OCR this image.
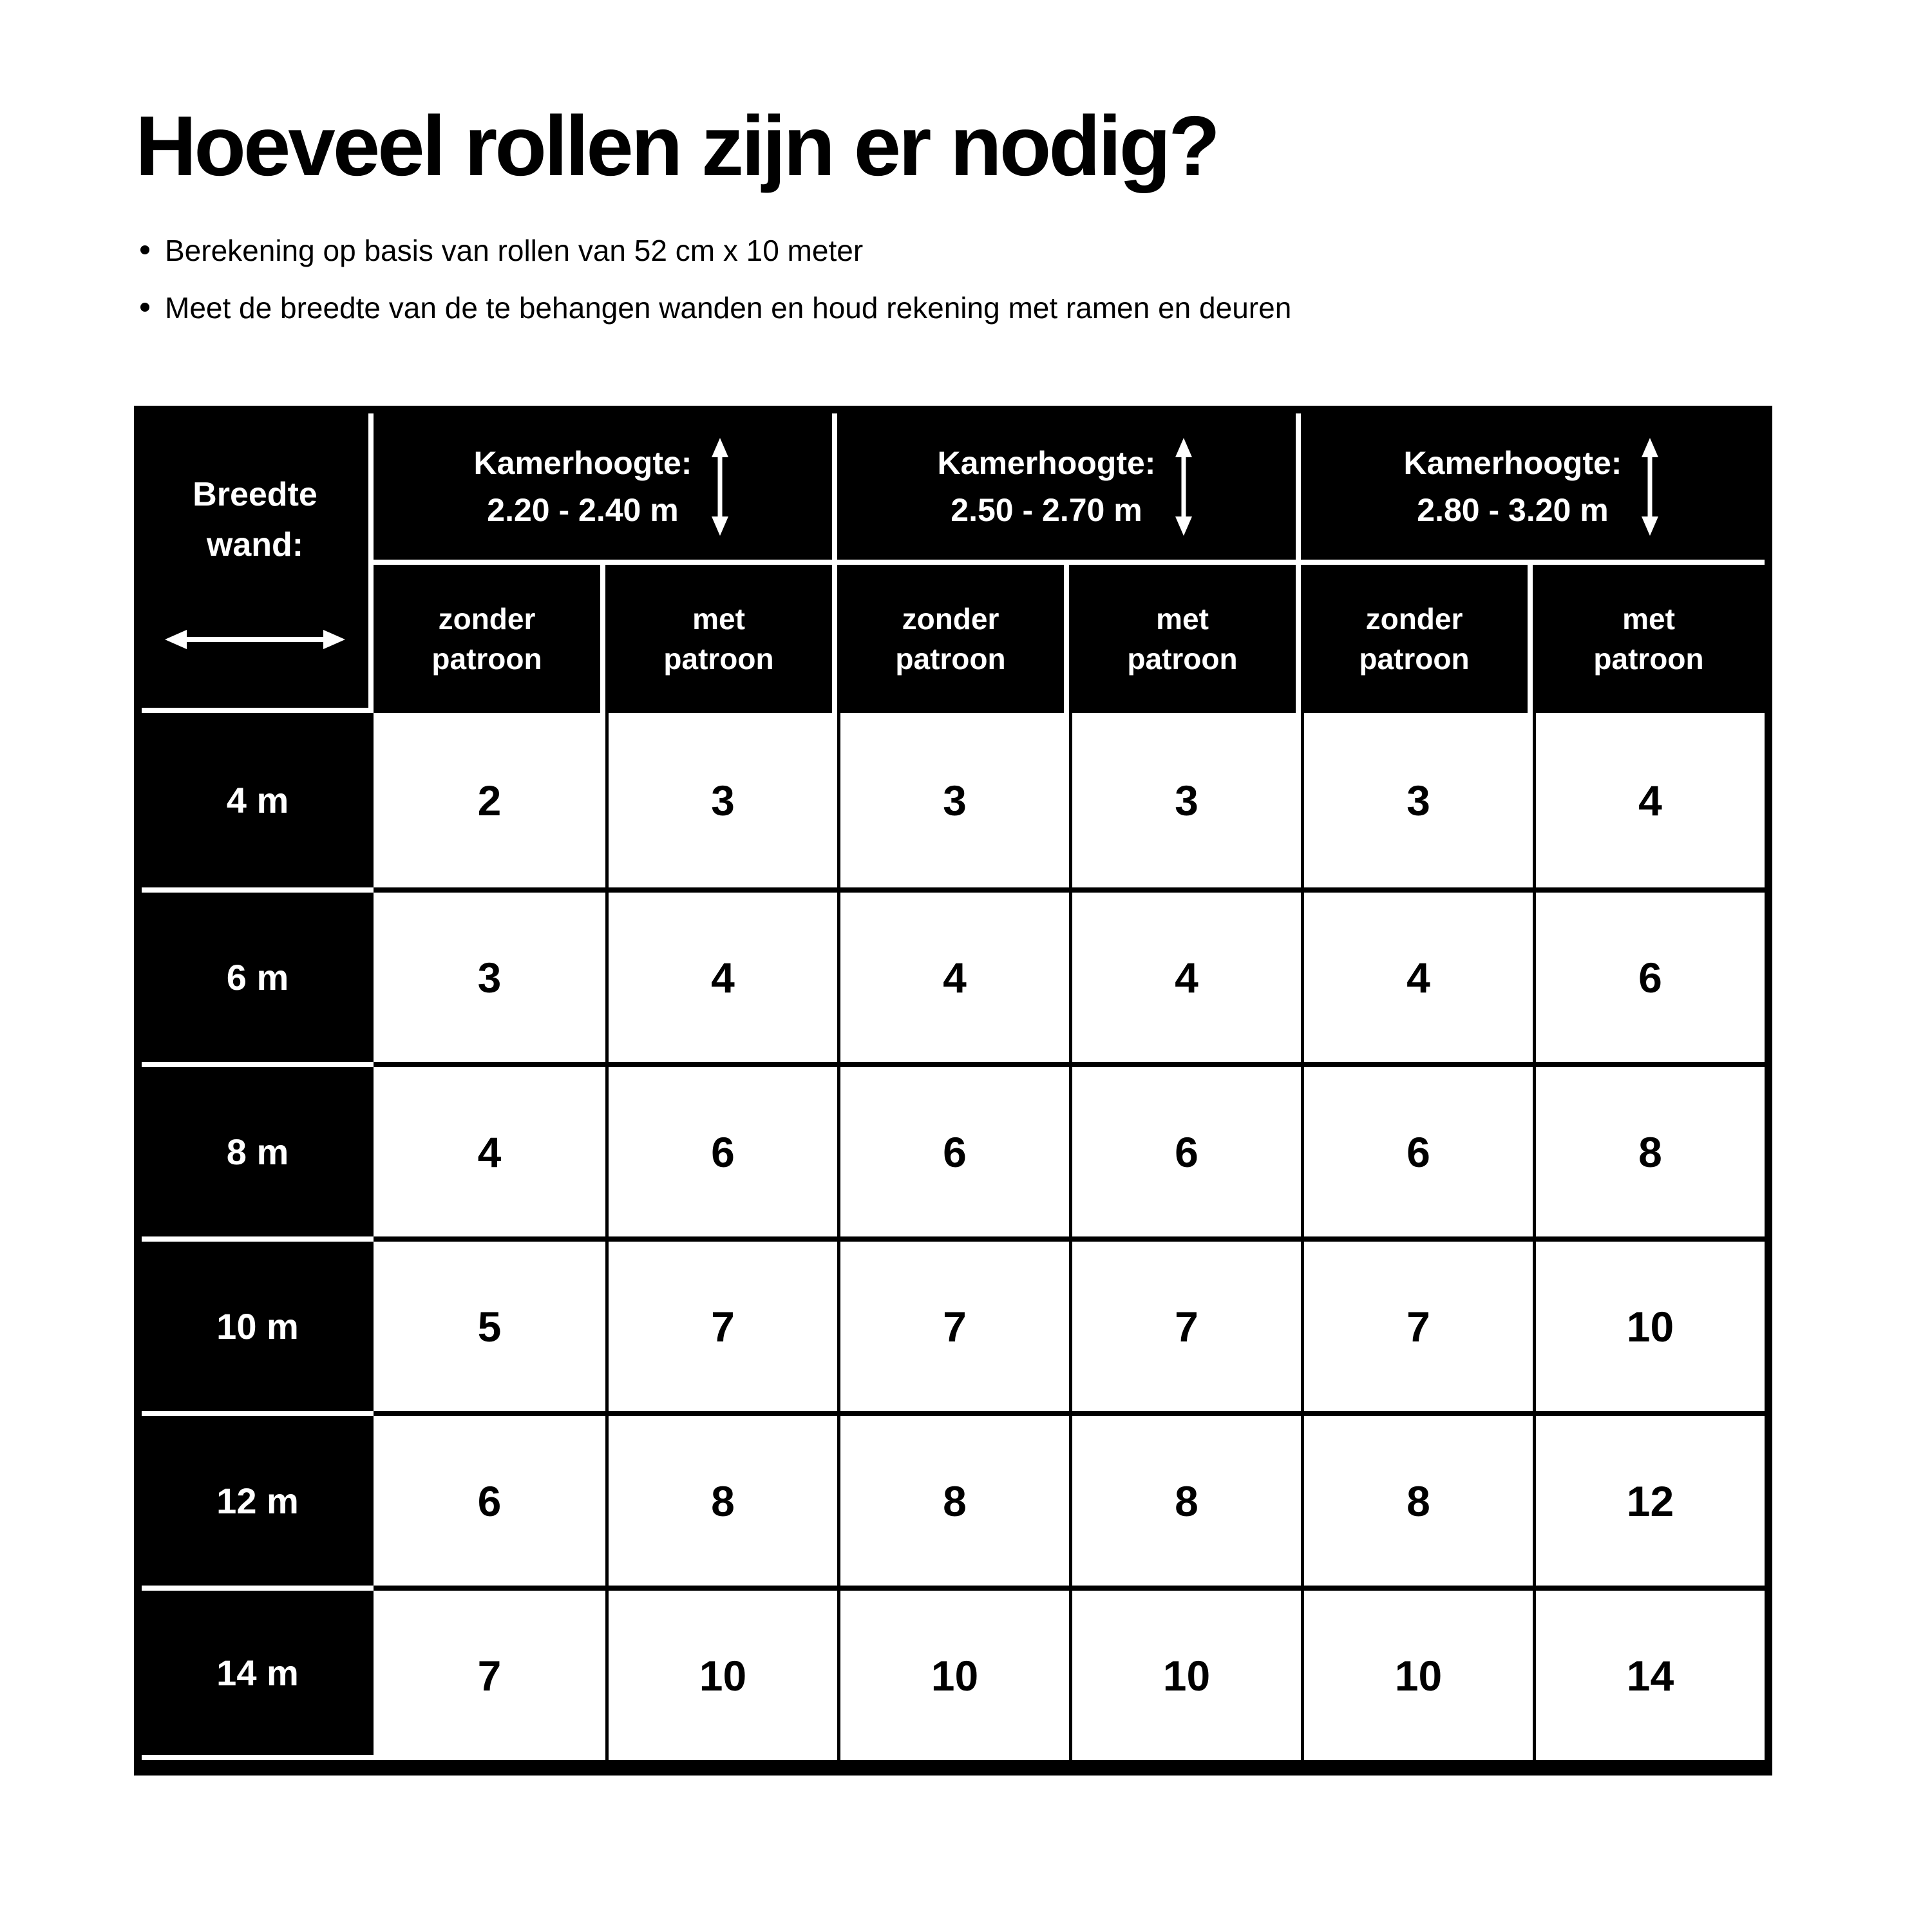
Hoeveel rollen zijn er nodig?
Berekening op basis van rollen van 52 cm x 10 meter
Meet de breedte van de te behangen wanden en houd rekening met ramen en deuren
Breedte
wand:
Kamerhoogte:
2.20 - 2.40 m
Kamerhoogte:
2.50 - 2.70 m
Kamerhoogte:
2.80 - 3.20 m
zonder patroon
met patroon
zonder patroon
met patroon
zonder patroon
met patroon
4 m	2	3	3	3	3	4
6 m	3	4	4	4	4	6
8 m	4	6	6	6	6	8
10 m	5	7	7	7	7	10
12 m	6	8	8	8	8	12
14 m	7	10	10	10	10	14
